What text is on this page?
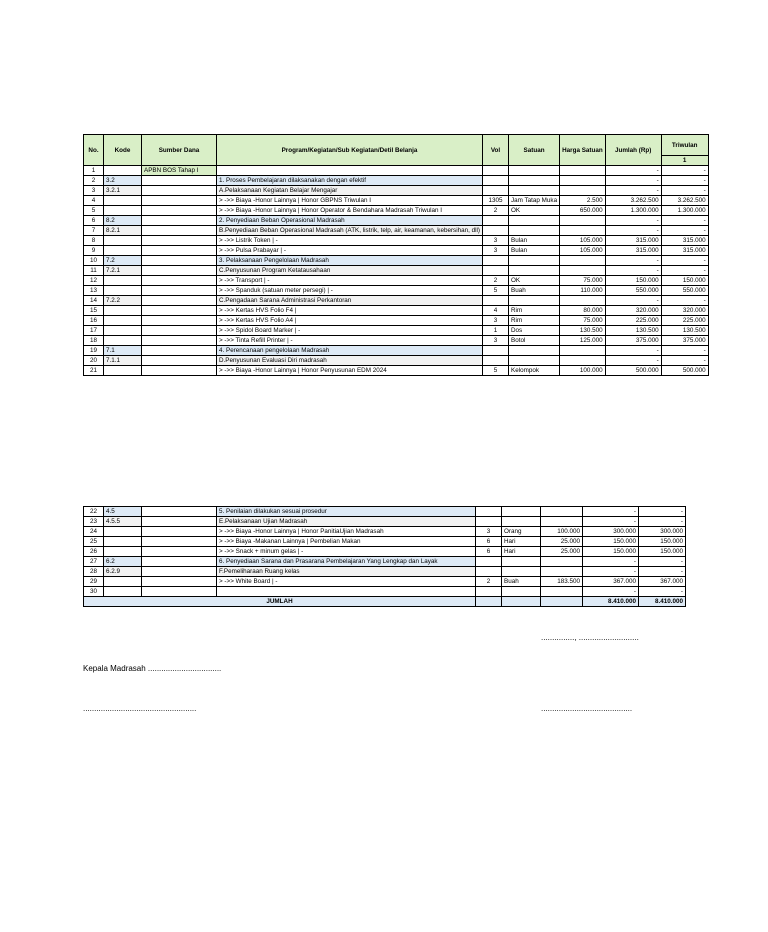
No.	Kode	Sumber Dana	Program/Kegiatan/Sub Kegiatan/Detil Belanja	Vol	Satuan	Harga Satuan	Jumlah (Rp)	Triwulan
								1
1		APBN BOS Tahap I					-	-
2	3.2		1. Proses Pembelajaran dilaksanakan dengan efektif				-	-
3	3.2.1		A.Pelaksanaan Kegiatan Belajar Mengajar				-	-
4			> ->> Biaya -Honor Lainnya | Honor GBPNS Triwulan I	1305	Jam Tatap Muka	2.500	3.262.500	3.262.500
5			> ->> Biaya -Honor Lainnya | Honor Operator & Bendahara Madrasah Triwulan I	2	OK	650.000	1.300.000	1.300.000
6	8.2		2. Penyediaan Beban Operasional Madrasah				-	-
7	8.2.1		B.Penyediaan Beban Operasional Madrasah (ATK, listrik, telp, air, keamanan, kebersihan, dll)				-	-
8			> ->> Listrik Token | -	3	Bulan	105.000	315.000	315.000
9			> ->> Pulsa Prabayar | -	3	Bulan	105.000	315.000	315.000
10	7.2		3. Pelaksanaan Pengelolaan Madrasah				-	-
11	7.2.1		C.Penyusunan Program Ketatausahaan				-	-
12			> ->> Transport | -	2	OK	75.000	150.000	150.000
13			> ->> Spanduk (satuan meter persegi) | -	5	Buah	110.000	550.000	550.000
14	7.2.2		C.Pengadaan Sarana Administrasi Perkantoran				-	-
15			> ->> Kertas HVS Folio F4 |	4	Rim	80.000	320.000	320.000
16			> ->> Kertas HVS Folio A4 |	3	Rim	75.000	225.000	225.000
17			> ->> Spidol Board Marker | -	1	Dos	130.500	130.500	130.500
18			> ->> Tinta Refill Printer | -	3	Botol	125.000	375.000	375.000
19	7.1		4. Perencanaan pengelolaan Madrasah				-	-
20	7.1.1		D.Penyusunan Evaluasi Diri madrasah				-	-
21			> ->> Biaya -Honor Lainnya | Honor Penyusunan EDM 2024	5	Kelompok	100.000	500.000	500.000
22	4.5		5. Penilaian dilakukan sesuai prosedur				-	-
23	4.5.5		E.Pelaksanaan Ujian Madrasah				-	-
24			> ->> Biaya -Honor Lainnya | Honor PanitiaUjian Madrasah	3	Orang	100.000	300.000	300.000
25			> ->> Biaya -Makanan Lainnya | Pembelian Makan	6	Hari	25.000	150.000	150.000
26			> ->> Snack + minum gelas | -	6	Hari	25.000	150.000	150.000
27	6.2		6. Penyediaan Sarana dan Prasarana Pembelajaran Yang Lengkap dan Layak				-	-
28	6.2.9		F.Pemeliharaan Ruang kelas				-	-
29			> ->> White Board | -	2	Buah	183.500	367.000	367.000
30							-	-
JUMLAH							8.410.000	8.410.000
..............., ...........................
Kepala Madrasah .................................
...................................................	.........................................
